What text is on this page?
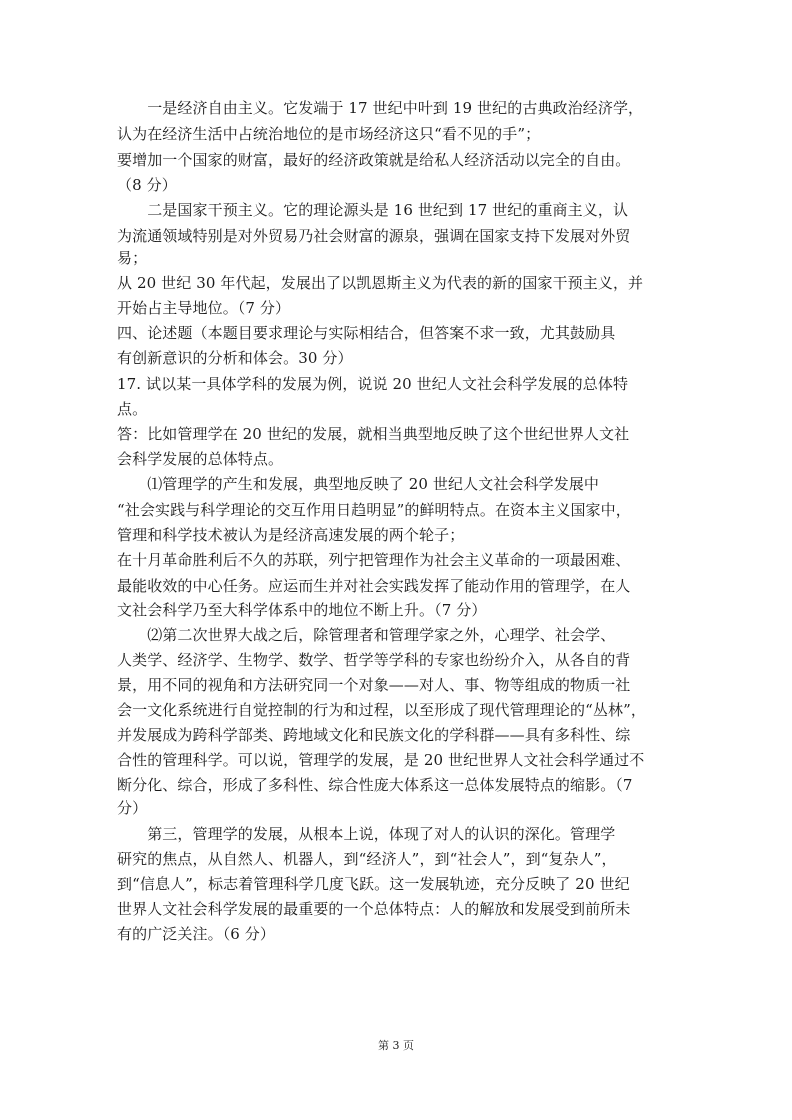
　　一是经济自由主义。它发端于 17 世纪中叶到 19 世纪的古典政治经济学，
认为在经济生活中占统治地位的是市场经济这只“看不见的手”；
要增加一个国家的财富，最好的经济政策就是给私人经济活动以完全的自由。
（8 分）
　　二是国家干预主义。它的理论源头是 16 世纪到 17 世纪的重商主义，认
为流通领域特别是对外贸易乃社会财富的源泉，强调在国家支持下发展对外贸
易；
从 20 世纪 30 年代起，发展出了以凯恩斯主义为代表的新的国家干预主义，并
开始占主导地位。（7 分）
四、论述题（本题目要求理论与实际相结合，但答案不求一致，尤其鼓励具
有创新意识的分析和体会。30 分）
17. 试以某一具体学科的发展为例，说说 20 世纪人文社会科学发展的总体特
点。
答：比如管理学在 20 世纪的发展，就相当典型地反映了这个世纪世界人文社
会科学发展的总体特点。
　　⑴管理学的产生和发展，典型地反映了 20 世纪人文社会科学发展中
“社会实践与科学理论的交互作用日趋明显”的鲜明特点。在资本主义国家中，
管理和科学技术被认为是经济高速发展的两个轮子；
在十月革命胜利后不久的苏联，列宁把管理作为社会主义革命的一项最困难、
最能收效的中心任务。应运而生并对社会实践发挥了能动作用的管理学，在人
文社会科学乃至大科学体系中的地位不断上升。（7 分）
　　⑵第二次世界大战之后，除管理者和管理学家之外，心理学、社会学、
人类学、经济学、生物学、数学、哲学等学科的专家也纷纷介入，从各自的背
景，用不同的视角和方法研究同一个对象——对人、事、物等组成的物质一社
会一文化系统进行自觉控制的行为和过程，以至形成了现代管理理论的“丛林”，
并发展成为跨科学部类、跨地域文化和民族文化的学科群——具有多科性、综
合性的管理科学。可以说，管理学的发展，是 20 世纪世界人文社会科学通过不
断分化、综合，形成了多科性、综合性庞大体系这一总体发展特点的缩影。（7
分）
　　第三，管理学的发展，从根本上说，体现了对人的认识的深化。管理学
研究的焦点，从自然人、机器人，到“经济人”，到“社会人”，到“复杂人”，
到“信息人”，标志着管理科学几度飞跃。这一发展轨迹，充分反映了 20 世纪
世界人文社会科学发展的最重要的一个总体特点：人的解放和发展受到前所未
有的广泛关注。（6 分）
第 3 页
